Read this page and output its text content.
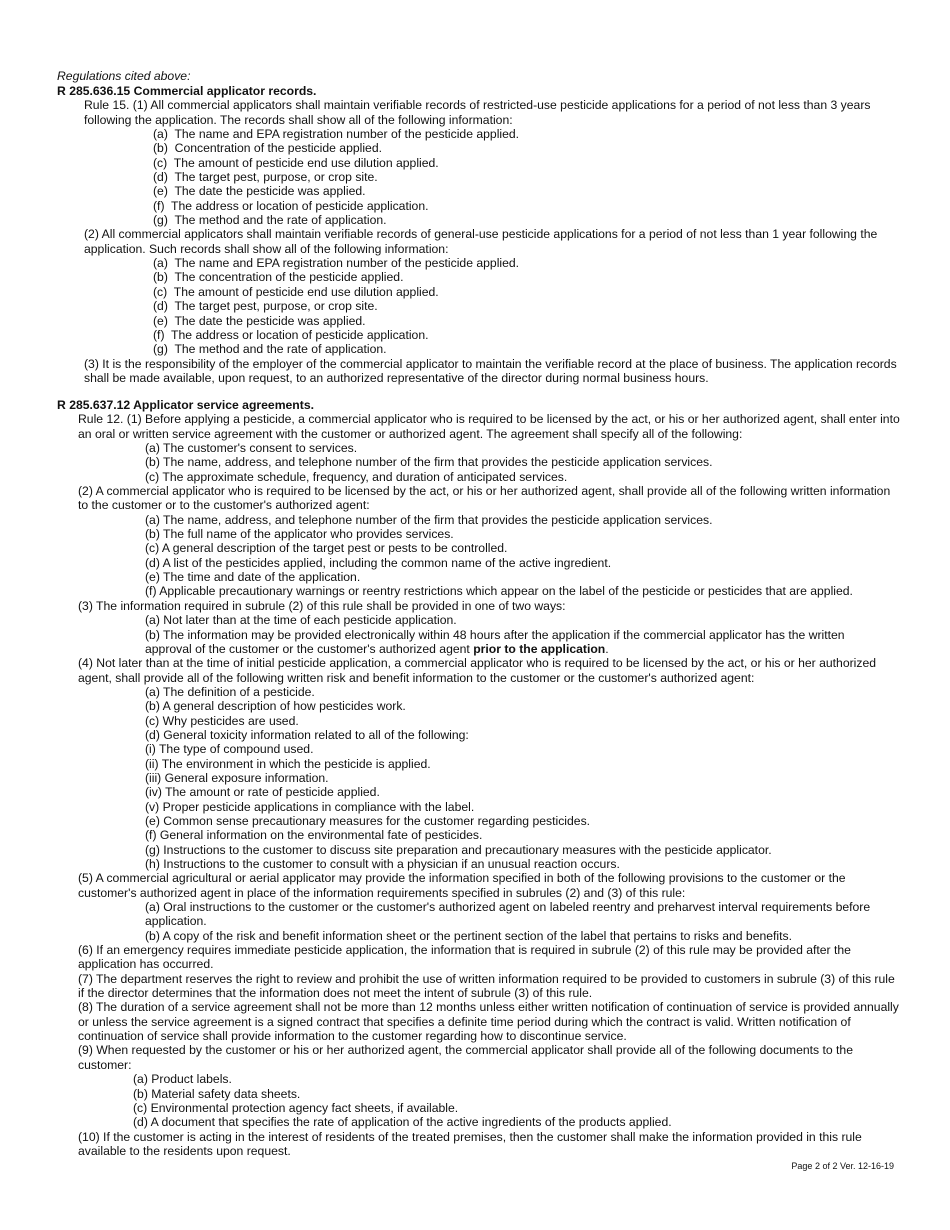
Regulations cited above:
R 285.636.15 Commercial applicator records.
Rule 15. (1) All commercial applicators shall maintain verifiable records of restricted-use pesticide applications for a period of not less than 3 years following the application. The records shall show all of the following information:
(a)  The name and EPA registration number of the pesticide applied.
(b)  Concentration of the pesticide applied.
(c)  The amount of pesticide end use dilution applied.
(d)  The target pest, purpose, or crop site.
(e)  The date the pesticide was applied.
(f)  The address or location of pesticide application.
(g)  The method and the rate of application.
(2) All commercial applicators shall maintain verifiable records of general-use pesticide applications for a period of not less than 1 year following the application. Such records shall show all of the following information:
(a)  The name and EPA registration number of the pesticide applied.
(b)  The concentration of the pesticide applied.
(c)  The amount of pesticide end use dilution applied.
(d)  The target pest, purpose, or crop site.
(e)  The date the pesticide was applied.
(f)  The address or location of pesticide application.
(g)  The method and the rate of application.
(3) It is the responsibility of the employer of the commercial applicator to maintain the verifiable record at the place of business. The application records shall be made available, upon request, to an authorized representative of the director during normal business hours.
R 285.637.12 Applicator service agreements.
Rule 12. (1) Before applying a pesticide, a commercial applicator who is required to be licensed by the act, or his or her authorized agent, shall enter into an oral or written service agreement with the customer or authorized agent. The agreement shall specify all of the following:
(a) The customer's consent to services.
(b) The name, address, and telephone number of the firm that provides the pesticide application services.
(c) The approximate schedule, frequency, and duration of anticipated services.
(2) A commercial applicator who is required to be licensed by the act, or his or her authorized agent, shall provide all of the following written information to the customer or to the customer's authorized agent:
(a) The name, address, and telephone number of the firm that provides the pesticide application services.
(b) The full name of the applicator who provides services.
(c) A general description of the target pest or pests to be controlled.
(d) A list of the pesticides applied, including the common name of the active ingredient.
(e) The time and date of the application.
(f) Applicable precautionary warnings or reentry restrictions which appear on the label of the pesticide or pesticides that are applied.
(3) The information required in subrule (2) of this rule shall be provided in one of two ways:
(a) Not later than at the time of each pesticide application.
(b) The information may be provided electronically within 48 hours after the application if the commercial applicator has the written
approval of the customer or the customer's authorized agent prior to the application.
(4) Not later than at the time of initial pesticide application, a commercial applicator who is required to be licensed by the act, or his or her authorized agent, shall provide all of the following written risk and benefit information to the customer or the customer's authorized agent:
(a) The definition of a pesticide.
(b) A general description of how pesticides work.
(c) Why pesticides are used.
(d) General toxicity information related to all of the following:
(i) The type of compound used.
(ii) The environment in which the pesticide is applied.
(iii) General exposure information.
(iv) The amount or rate of pesticide applied.
(v) Proper pesticide applications in compliance with the label.
(e) Common sense precautionary measures for the customer regarding pesticides.
(f) General information on the environmental fate of pesticides.
(g) Instructions to the customer to discuss site preparation and precautionary measures with the pesticide applicator.
(h) Instructions to the customer to consult with a physician if an unusual reaction occurs.
(5) A commercial agricultural or aerial applicator may provide the information specified in both of the following provisions to the customer or the customer's authorized agent in place of the information requirements specified in subrules (2) and (3) of this rule:
(a) Oral instructions to the customer or the customer's authorized agent on labeled reentry and preharvest interval requirements before application.
(b) A copy of the risk and benefit information sheet or the pertinent section of the label that pertains to risks and benefits.
(6) If an emergency requires immediate pesticide application, the information that is required in subrule (2) of this rule may be provided after the application has occurred.
(7) The department reserves the right to review and prohibit the use of written information required to be provided to customers in subrule (3) of this rule if the director determines that the information does not meet the intent of subrule (3) of this rule.
(8) The duration of a service agreement shall not be more than 12 months unless either written notification of continuation of service is provided annually or unless the service agreement is a signed contract that specifies a definite time period during which the contract is valid. Written notification of continuation of service shall provide information to the customer regarding how to discontinue service.
(9) When requested by the customer or his or her authorized agent, the commercial applicator shall provide all of the following documents to the customer:
(a) Product labels.
(b) Material safety data sheets.
(c) Environmental protection agency fact sheets, if available.
(d) A document that specifies the rate of application of the active ingredients of the products applied.
(10) If the customer is acting in the interest of residents of the treated premises, then the customer shall make the information provided in this rule available to the residents upon request.
Page 2 of 2 Ver. 12-16-19
